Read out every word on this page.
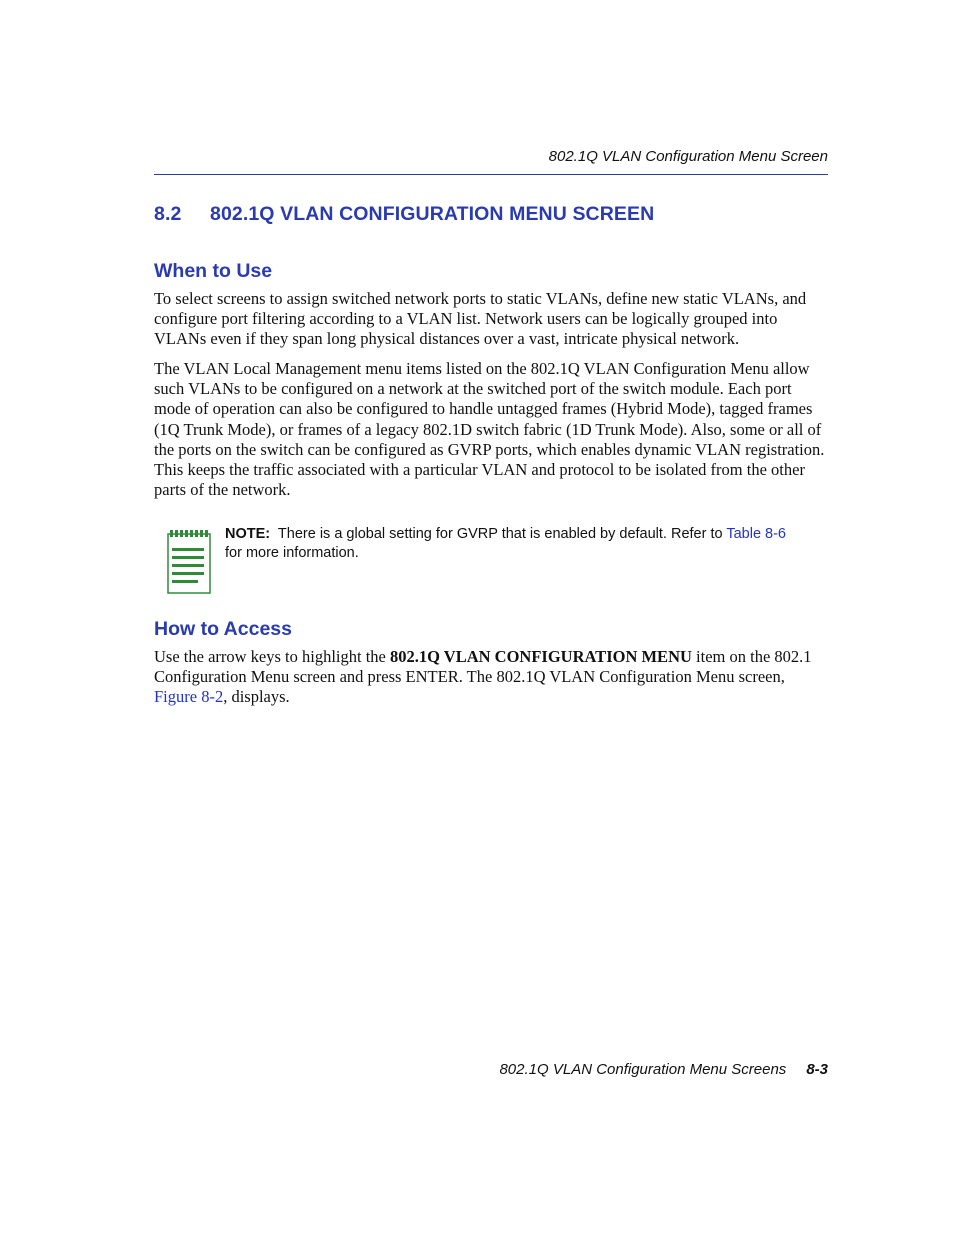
802.1Q VLAN Configuration Menu Screen
8.2 802.1Q VLAN CONFIGURATION MENU SCREEN
When to Use

To select screens to assign switched network ports to static VLANs, define new static VLANs, and configure port filtering according to a VLAN list. Network users can be logically grouped into VLANs even if they span long physical distances over a vast, intricate physical network.

The VLAN Local Management menu items listed on the 802.1Q VLAN Configuration Menu allow such VLANs to be configured on a network at the switched port of the switch module. Each port mode of operation can also be configured to handle untagged frames (Hybrid Mode), tagged frames (1Q Trunk Mode), or frames of a legacy 802.1D switch fabric (1D Trunk Mode). Also, some or all of the ports on the switch can be configured as GVRP ports, which enables dynamic VLAN registration. This keeps the traffic associated with a particular VLAN and protocol to be isolated from the other parts of the network.

NOTE: There is a global setting for GVRP that is enabled by default. Refer to Table 8-6
for more information.
How to Access

Use the arrow keys to highlight the 802.1Q VLAN CONFIGURATION MENU item on the 802.1 Configuration Menu screen and press ENTER. The 802.1Q VLAN Configuration Menu screen, Figure 8-2, displays.

802.1Q VLAN Configuration Menu Screens 8-3
